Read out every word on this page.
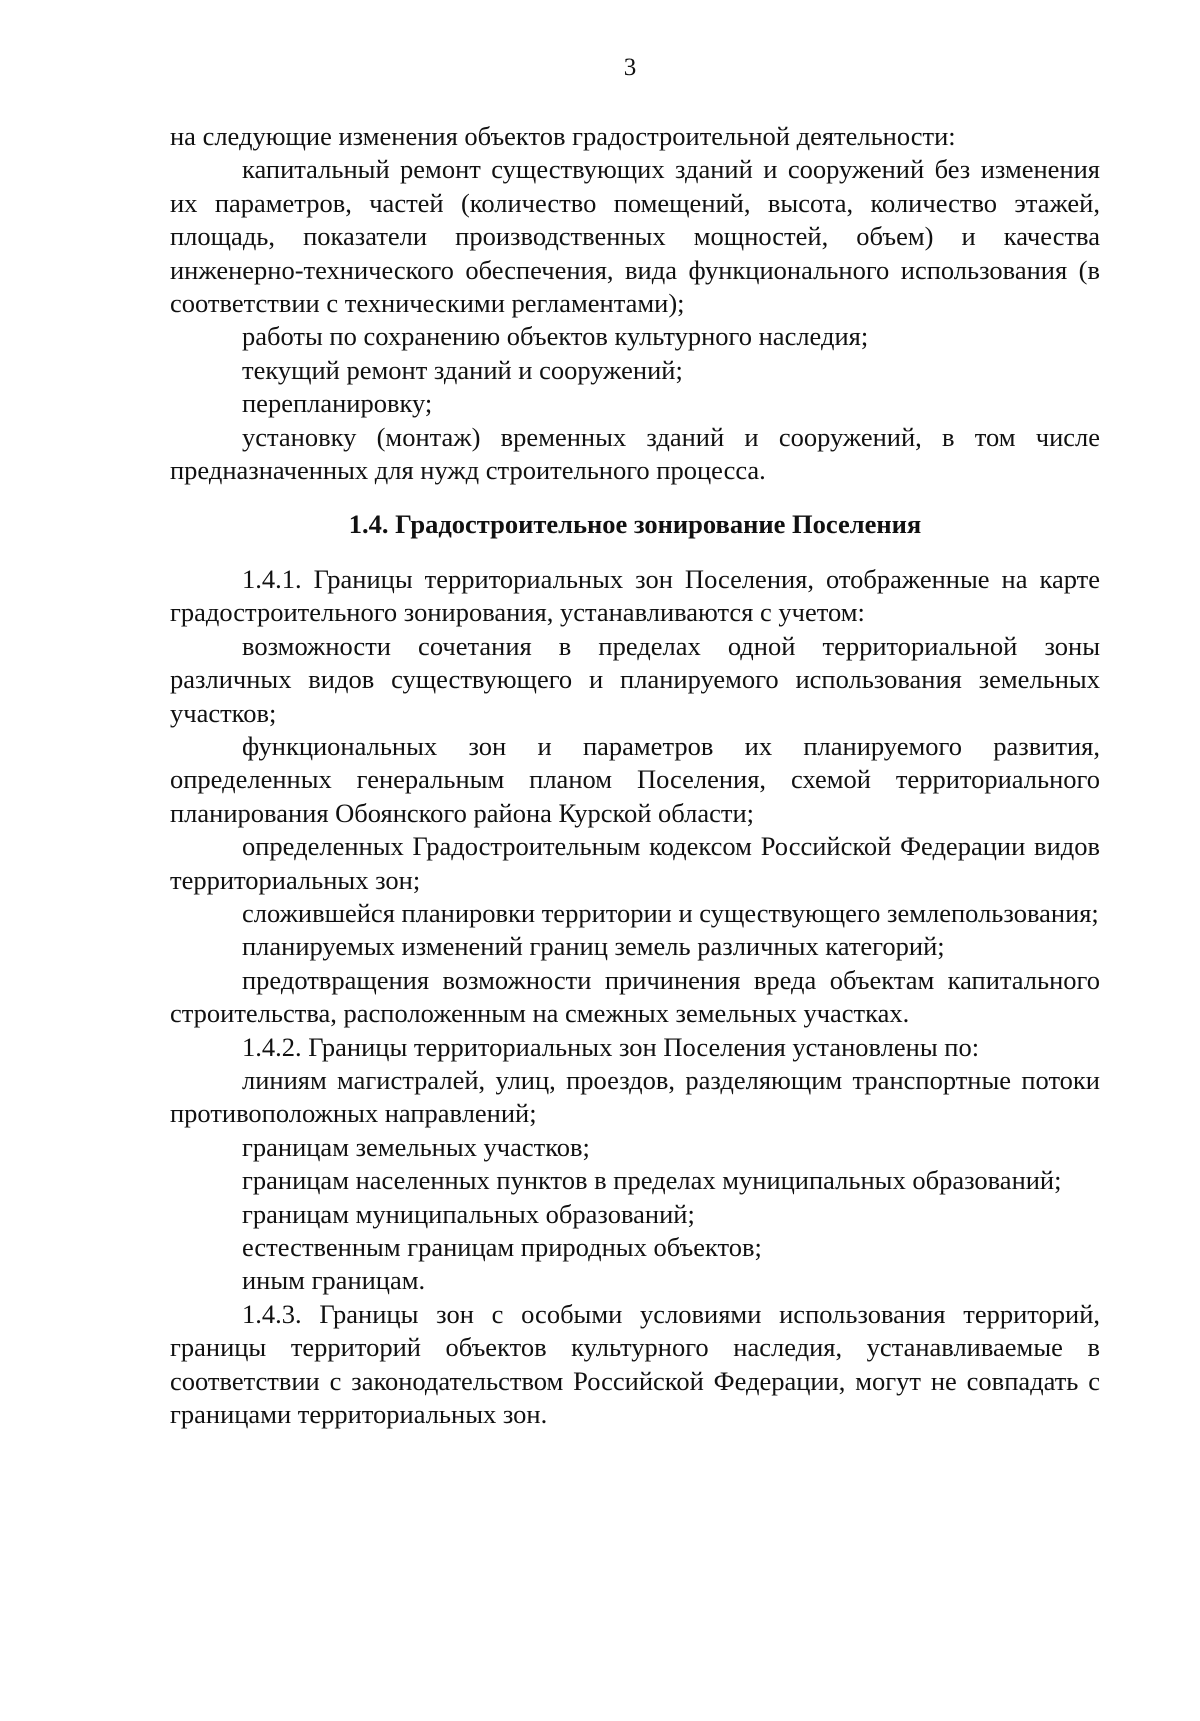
3

на следующие изменения объектов градостроительной деятельности:

капитальный ремонт существующих зданий и сооружений без изменения их параметров, частей (количество помещений, высота, количество этажей, площадь, показатели производственных мощностей, объем) и качества инженерно-технического обеспечения, вида функционального использования (в соответствии с техническими регламентами);

работы по сохранению объектов культурного наследия;

текущий ремонт зданий и сооружений;

перепланировку;

установку (монтаж) временных зданий и сооружений, в том числе предназначенных для нужд строительного процесса.

1.4. Градостроительное зонирование Поселения

1.4.1. Границы территориальных зон Поселения, отображенные на карте градостроительного зонирования, устанавливаются с учетом:

возможности сочетания в пределах одной территориальной зоны различных видов существующего и планируемого использования земельных участков;

функциональных зон и параметров их планируемого развития, определенных генеральным планом Поселения, схемой территориального планирования Обоянского района Курской области;

определенных Градостроительным кодексом Российской Федерации видов территориальных зон;

сложившейся планировки территории и существующего землепользования;

планируемых изменений границ земель различных категорий;

предотвращения возможности причинения вреда объектам капитального строительства, расположенным на смежных земельных участках.

1.4.2. Границы территориальных зон Поселения установлены по:

линиям магистралей, улиц, проездов, разделяющим транспортные потоки противоположных направлений;

границам земельных участков;

границам населенных пунктов в пределах муниципальных образований;

границам муниципальных образований;

естественным границам природных объектов;

иным границам.

1.4.3. Границы зон с особыми условиями использования территорий, границы территорий объектов культурного наследия, устанавливаемые в соответствии с законодательством Российской Федерации, могут не совпадать с границами территориальных зон.
